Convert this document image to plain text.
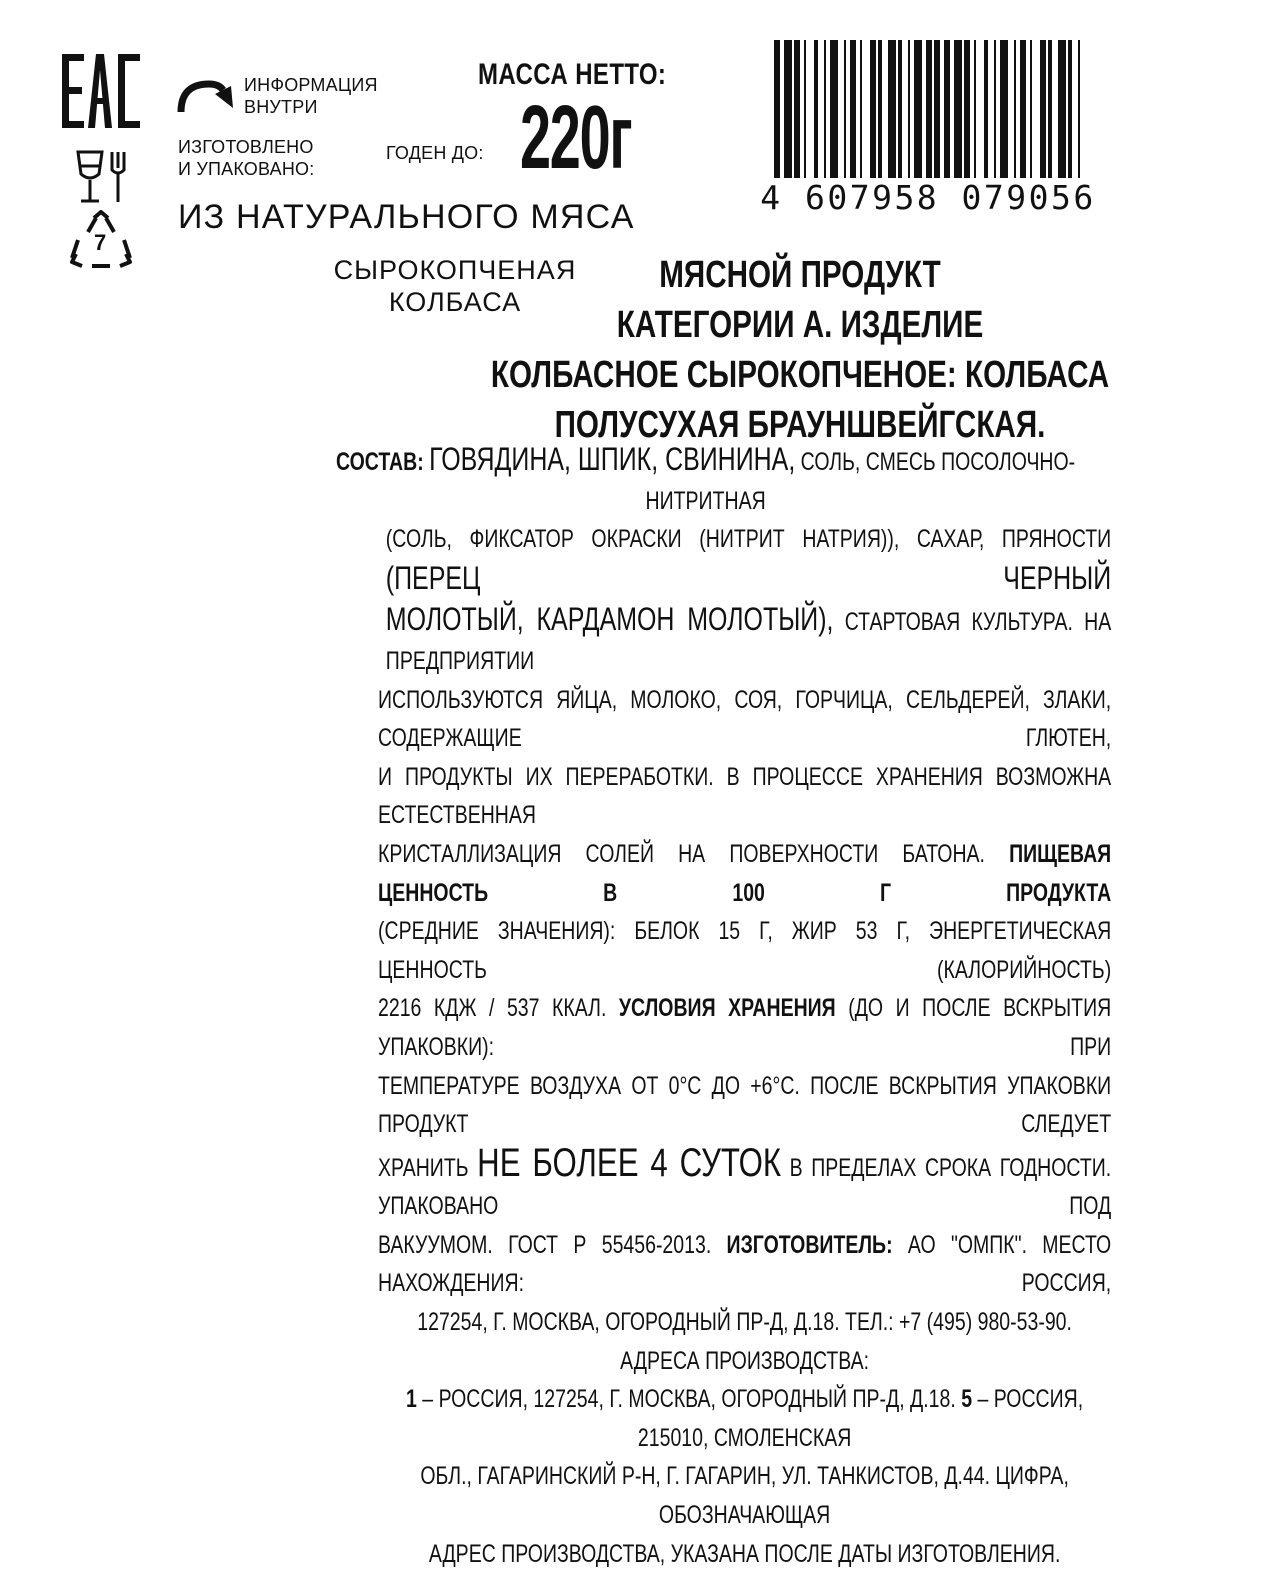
7
ИНФОРМАЦИЯ
ВНУТРИ
ИЗГОТОВЛЕНО
И УПАКОВАНО:
ГОДЕН ДО:
МАССА НЕТТО:
220г
ИЗ НАТУРАЛЬНОГО МЯСА
СЫРОКОПЧЕНАЯ
КОЛБАСА
4 607958 079056
МЯСНОЙ ПРОДУКТ
КАТЕГОРИИ А. ИЗДЕЛИЕ
КОЛБАСНОЕ СЫРОКОПЧЕНОЕ: КОЛБАСА
ПОЛУСУХАЯ БРАУНШВЕЙГСКАЯ.
СОСТАВ: ГОВЯДИНА, ШПИК, СВИНИНА, СОЛЬ, СМЕСЬ ПОСОЛОЧНО-НИТРИТНАЯ
(СОЛЬ, ФИКСАТОР ОКРАСКИ (НИТРИТ НАТРИЯ)), САХАР, ПРЯНОСТИ (ПЕРЕЦ ЧЕРНЫЙ
МОЛОТЫЙ, КАРДАМОН МОЛОТЫЙ), СТАРТОВАЯ КУЛЬТУРА. НА ПРЕДПРИЯТИИ
ИСПОЛЬЗУЮТСЯ ЯЙЦА, МОЛОКО, СОЯ, ГОРЧИЦА, СЕЛЬДЕРЕЙ, ЗЛАКИ, СОДЕРЖАЩИЕ ГЛЮТЕН,
И ПРОДУКТЫ ИХ ПЕРЕРАБОТКИ. В ПРОЦЕССЕ ХРАНЕНИЯ ВОЗМОЖНА ЕСТЕСТВЕННАЯ
КРИСТАЛЛИЗАЦИЯ СОЛЕЙ НА ПОВЕРХНОСТИ БАТОНА. ПИЩЕВАЯ ЦЕННОСТЬ В 100 Г ПРОДУКТА
(СРЕДНИЕ ЗНАЧЕНИЯ): БЕЛОК 15 Г, ЖИР 53 Г, ЭНЕРГЕТИЧЕСКАЯ ЦЕННОСТЬ (КАЛОРИЙНОСТЬ)
2216 КДЖ / 537 ККАЛ. УСЛОВИЯ ХРАНЕНИЯ (ДО И ПОСЛЕ ВСКРЫТИЯ УПАКОВКИ): ПРИ
ТЕМПЕРАТУРЕ ВОЗДУХА ОТ 0°С ДО +6°С. ПОСЛЕ ВСКРЫТИЯ УПАКОВКИ ПРОДУКТ СЛЕДУЕТ
ХРАНИТЬ НЕ БОЛЕЕ 4 СУТОК В ПРЕДЕЛАХ СРОКА ГОДНОСТИ. УПАКОВАНО ПОД
ВАКУУМОМ. ГОСТ Р 55456-2013. ИЗГОТОВИТЕЛЬ: АО "ОМПК". МЕСТО НАХОЖДЕНИЯ: РОССИЯ,
127254, Г. МОСКВА, ОГОРОДНЫЙ ПР-Д, Д.18. ТЕЛ.: +7 (495) 980-53-90. АДРЕСА ПРОИЗВОДСТВА:
1 – РОССИЯ, 127254, Г. МОСКВА, ОГОРОДНЫЙ ПР-Д, Д.18. 5 – РОССИЯ, 215010, СМОЛЕНСКАЯ
ОБЛ., ГАГАРИНСКИЙ Р-Н, Г. ГАГАРИН, УЛ. ТАНКИСТОВ, Д.44. ЦИФРА, ОБОЗНАЧАЮЩАЯ
АДРЕС ПРОИЗВОДСТВА, УКАЗАНА ПОСЛЕ ДАТЫ ИЗГОТОВЛЕНИЯ.
